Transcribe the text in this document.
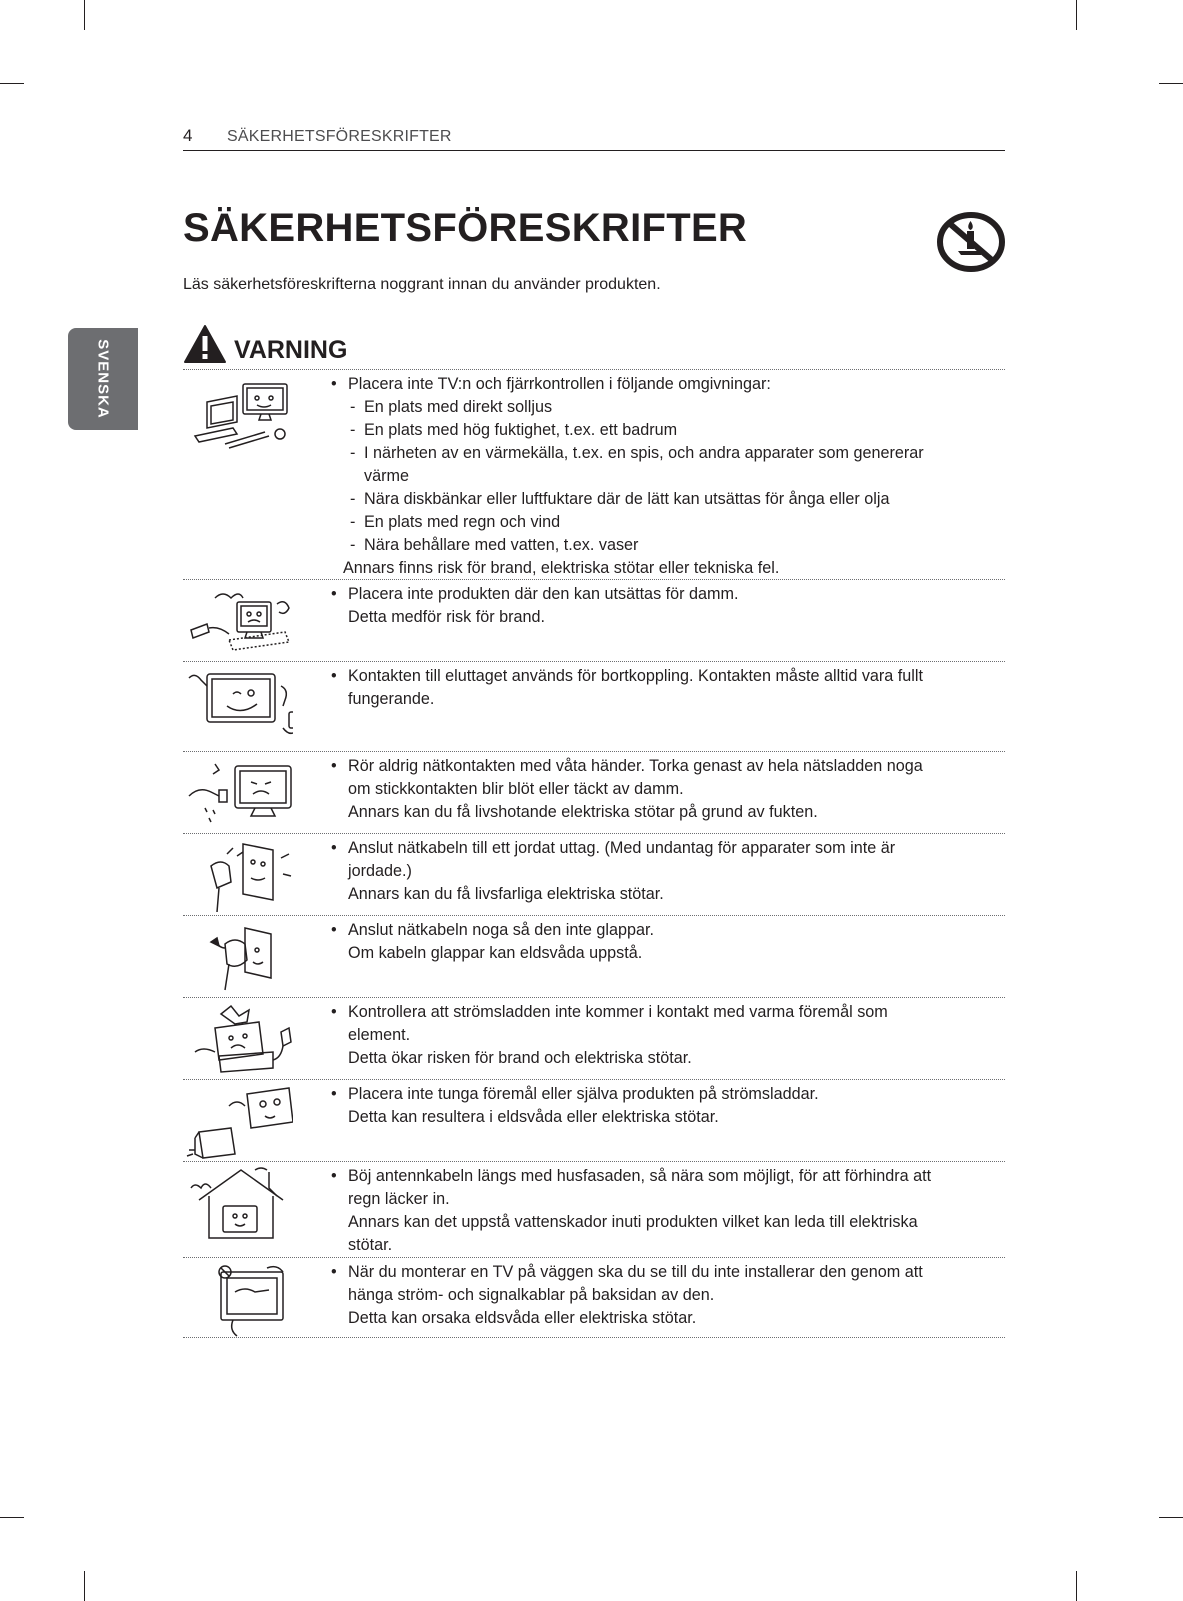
4 SÄKERHETSFÖRESKRIFTER
SVENSKA
SÄKERHETSFÖRESKRIFTER

Läs säkerhetsföreskrifterna noggrant innan du använder produkten.

VARNING
• Placera inte TV:n och fjärrkontrollen i följande omgivningar:
- En plats med direkt solljus
- En plats med hög fuktighet, t.ex. ett badrum
- I närheten av en värmekälla, t.ex. en spis, och andra apparater som genererar
värme
- Nära diskbänkar eller luftfuktare där de lätt kan utsättas för ånga eller olja
- En plats med regn och vind
- Nära behållare med vatten, t.ex. vaser
Annars finns risk för brand, elektriska stötar eller tekniska fel.
• Placera inte produkten där den kan utsättas för damm.
Detta medför risk för brand.
• Kontakten till eluttaget används för bortkoppling. Kontakten måste alltid vara fullt
fungerande.
• Rör aldrig nätkontakten med våta händer. Torka genast av hela nätsladden noga
om stickkontakten blir blöt eller täckt av damm.
Annars kan du få livshotande elektriska stötar på grund av fukten.
• Anslut nätkabeln till ett jordat uttag. (Med undantag för apparater som inte är
jordade.)
Annars kan du få livsfarliga elektriska stötar.
• Anslut nätkabeln noga så den inte glappar.
Om kabeln glappar kan eldsvåda uppstå.
• Kontrollera att strömsladden inte kommer i kontakt med varma föremål som
element.
Detta ökar risken för brand och elektriska stötar.
• Placera inte tunga föremål eller själva produkten på strömsladdar.
Detta kan resultera i eldsvåda eller elektriska stötar.
• Böj antennkabeln längs med husfasaden, så nära som möjligt, för att förhindra att
regn läcker in.
Annars kan det uppstå vattenskador inuti produkten vilket kan leda till elektriska
stötar.
• När du monterar en TV på väggen ska du se till du inte installerar den genom att
hänga ström- och signalkablar på baksidan av den.
Detta kan orsaka eldsvåda eller elektriska stötar.
